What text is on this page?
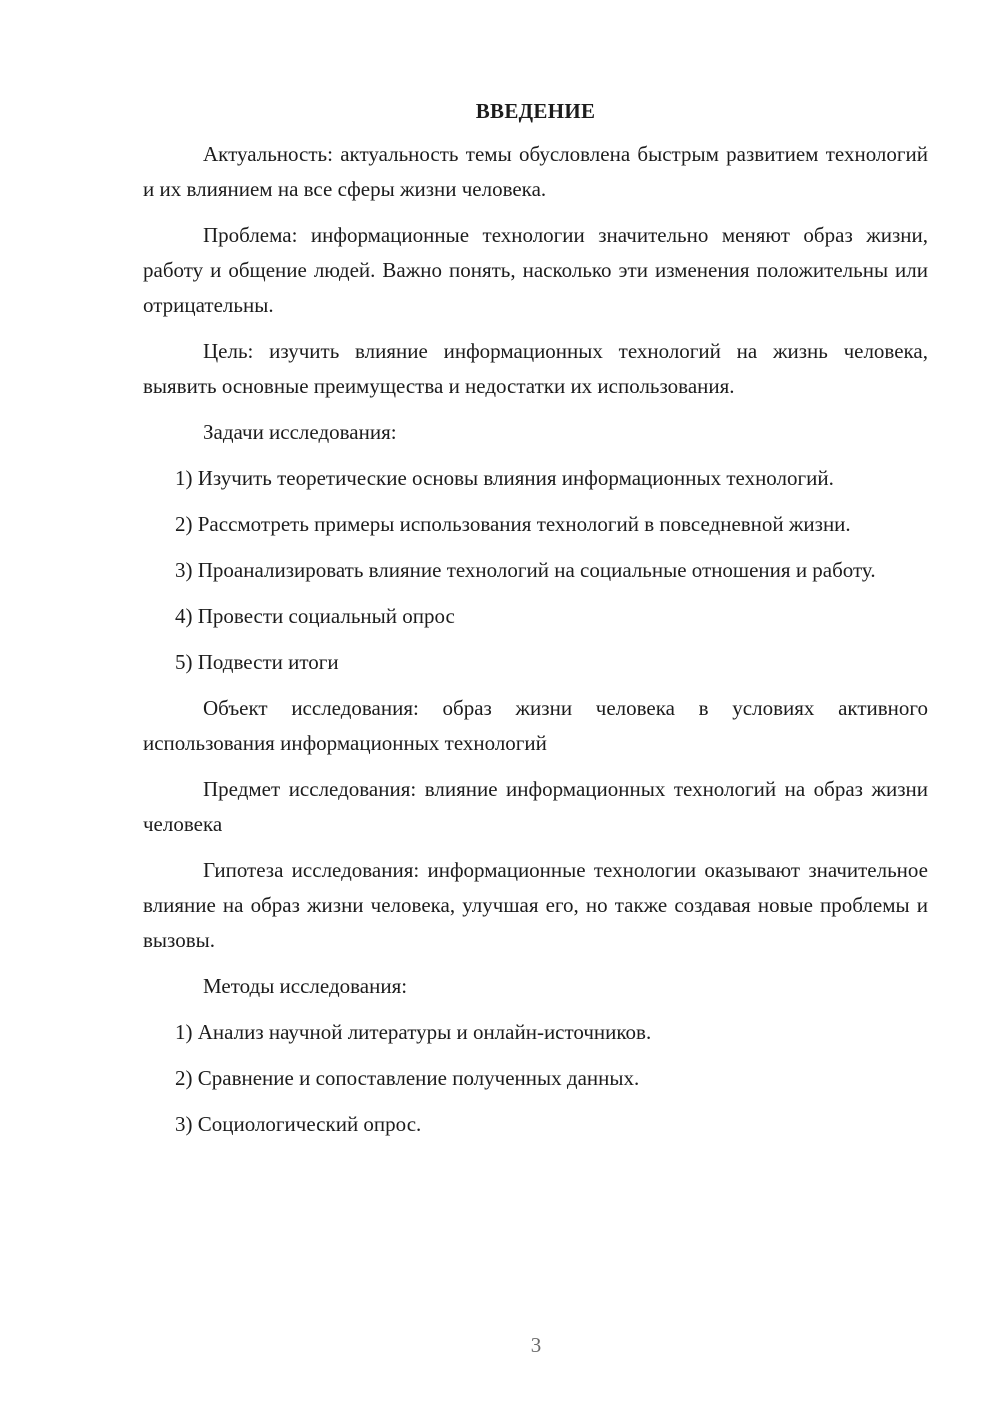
ВВЕДЕНИЕ

Актуальность: актуальность темы обусловлена быстрым развитием технологий и их влиянием на все сферы жизни человека.

Проблема: информационные технологии значительно меняют образ жизни, работу и общение людей. Важно понять, насколько эти изменения положительны или отрицательны.

Цель: изучить влияние информационных технологий на жизнь человека, выявить основные преимущества и недостатки их использования.

Задачи исследования:

1) Изучить теоретические основы влияния информационных технологий.

2) Рассмотреть примеры использования технологий в повседневной жизни.

3) Проанализировать влияние технологий на социальные отношения и работу.

4) Провести социальный опрос

5) Подвести итоги

Объект исследования: образ жизни человека в условиях активного использования информационных технологий

Предмет исследования: влияние информационных технологий на образ жизни человека

Гипотеза исследования: информационные технологии оказывают значительное влияние на образ жизни человека, улучшая его, но также создавая новые проблемы и вызовы.

Методы исследования:

1) Анализ научной литературы и онлайн-источников.

2) Сравнение и сопоставление полученных данных.

3) Социологический опрос.

3
